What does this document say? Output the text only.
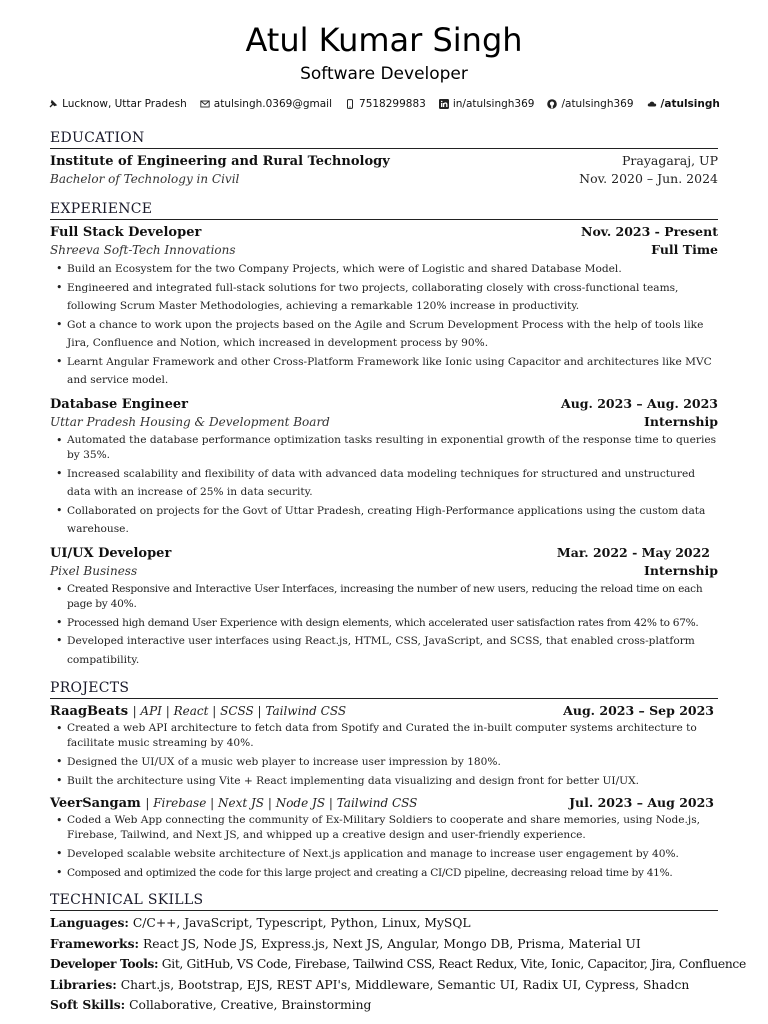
Atul Kumar Singh
Software Developer
Lucknow, Uttar Pradesh	atulsingh.0369@gmail	7518299883	in/atulsingh369	/atulsingh369	/atulsingh
EDUCATION
Institute of Engineering and Rural Technology	Prayagaraj, UP
Bachelor of Technology in Civil	Nov. 2020 – Jun. 2024
EXPERIENCE
Full Stack Developer	Nov. 2023 - Present
Shreeva Soft-Tech Innovations	Full Time
• Build an Ecosystem for the two Company Projects, which were of Logistic and shared Database Model.
• Engineered and integrated full-stack solutions for two projects, collaborating closely with cross-functional teams, following Scrum Master Methodologies, achieving a remarkable 120% increase in productivity.
• Got a chance to work upon the projects based on the Agile and Scrum Development Process with the help of tools like Jira, Confluence and Notion, which increased in development process by 90%.
• Learnt Angular Framework and other Cross-Platform Framework like Ionic using Capacitor and architectures like MVC and service model.
Database Engineer	Aug. 2023 – Aug. 2023
Uttar Pradesh Housing & Development Board	Internship
• Automated the database performance optimization tasks resulting in exponential growth of the response time to queries by 35%.
• Increased scalability and flexibility of data with advanced data modeling techniques for structured and unstructured data with an increase of 25% in data security.
• Collaborated on projects for the Govt of Uttar Pradesh, creating High-Performance applications using the custom data warehouse.
UI/UX Developer	Mar. 2022 - May 2022
Pixel Business	Internship
• Created Responsive and Interactive User Interfaces, increasing the number of new users, reducing the reload time on each page by 40%.
• Processed high demand User Experience with design elements, which accelerated user satisfaction rates from 42% to 67%.
• Developed interactive user interfaces using React.js, HTML, CSS, JavaScript, and SCSS, that enabled cross-platform compatibility.
PROJECTS
RaagBeats | API | React | SCSS | Tailwind CSS	Aug. 2023 – Sep 2023
• Created a web API architecture to fetch data from Spotify and Curated the in-built computer systems architecture to facilitate music streaming by 40%.
• Designed the UI/UX of a music web player to increase user impression by 180%.
• Built the architecture using Vite + React implementing data visualizing and design front for better UI/UX.
VeerSangam | Firebase | Next JS | Node JS | Tailwind CSS	Jul. 2023 – Aug 2023
• Coded a Web App connecting the community of Ex-Military Soldiers to cooperate and share memories, using Node.js, Firebase, Tailwind, and Next JS, and whipped up a creative design and user-friendly experience.
• Developed scalable website architecture of Next.js application and manage to increase user engagement by 40%.
• Composed and optimized the code for this large project and creating a CI/CD pipeline, decreasing reload time by 41%.
TECHNICAL SKILLS
Languages: C/C++, JavaScript, Typescript, Python, Linux, MySQL
Frameworks: React JS, Node JS, Express.js, Next JS, Angular, Mongo DB, Prisma, Material UI
Developer Tools: Git, GitHub, VS Code, Firebase, Tailwind CSS, React Redux, Vite, Ionic, Capacitor, Jira, Confluence
Libraries: Chart.js, Bootstrap, EJS, REST API's, Middleware, Semantic UI, Radix UI, Cypress, Shadcn
Soft Skills: Collaborative, Creative, Brainstorming
